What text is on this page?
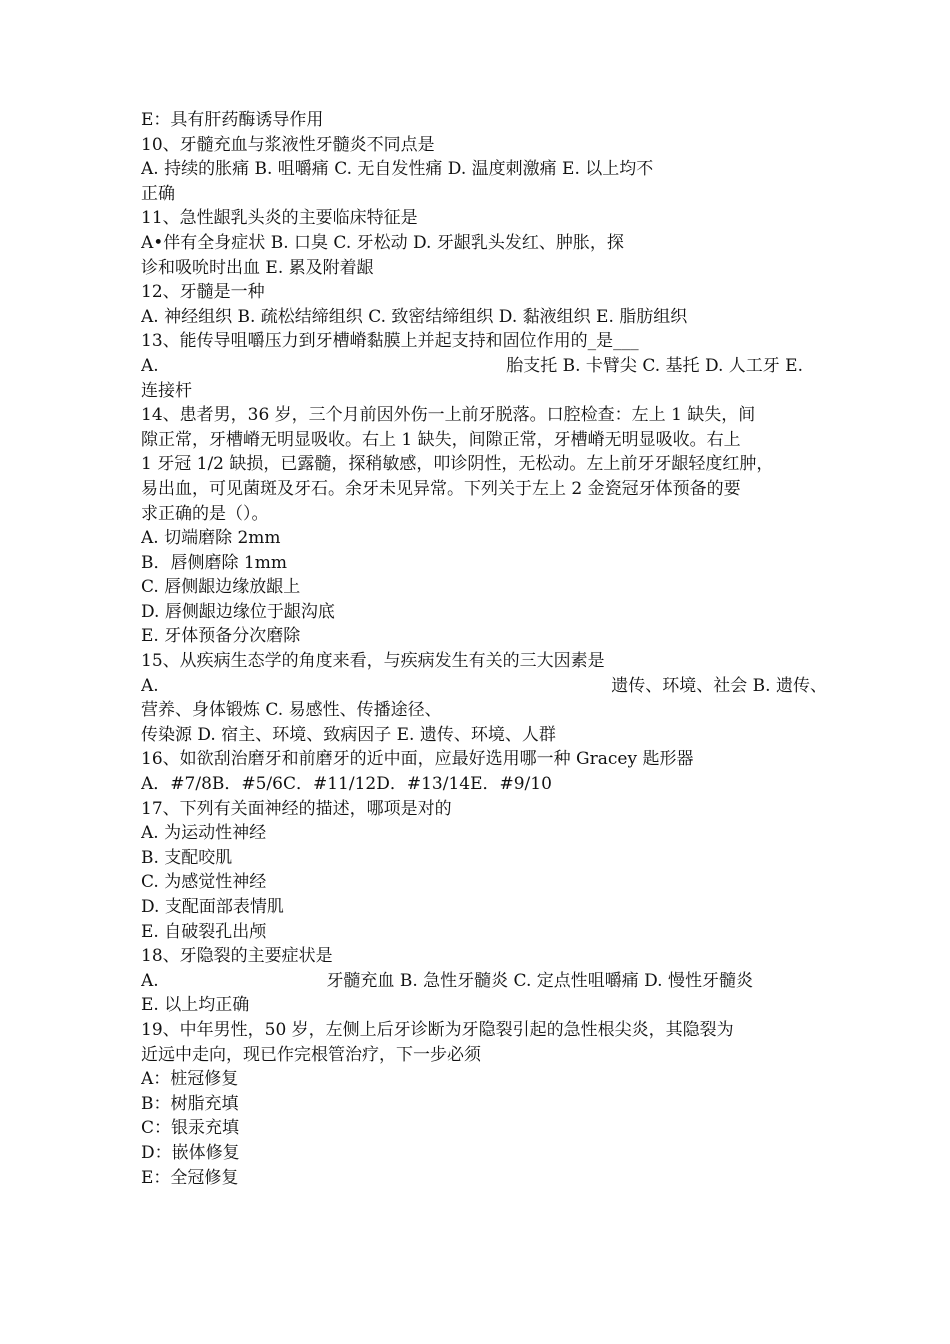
E：具有肝药酶诱导作用
10、牙髓充血与浆液性牙髓炎不同点是
A. 持续的胀痛 B. 咀嚼痛 C. 无自发性痛 D. 温度刺激痛 E. 以上均不
正确
11、急性龈乳头炎的主要临床特征是
A•伴有全身症状 B. 口臭 C. 牙松动 D. 牙龈乳头发红、肿胀，探
诊和吸吮时出血 E. 累及附着龈
12、牙髓是一种
A. 神经组织 B. 疏松结缔组织 C. 致密结缔组织 D. 黏液组织 E. 脂肪组织
13、能传导咀嚼压力到牙槽嵴黏膜上并起支持和固位作用的_是___
A.	胎支托 B. 卡臂尖 C. 基托 D. 人工牙 E.
连接杆
14、患者男，36 岁，三个月前因外伤一上前牙脱落。口腔检查：左上 1 缺失，间
隙正常，牙槽嵴无明显吸收。右上 1 缺失，间隙正常，牙槽嵴无明显吸收。右上
1 牙冠 1/2 缺损，已露髓，探稍敏感，叩诊阴性，无松动。左上前牙牙龈轻度红肿，
易出血，可见菌斑及牙石。余牙未见异常。下列关于左上 2 金瓷冠牙体预备的要
求正确的是（）。
A. 切端磨除 2mm
B．唇侧磨除 1mm
C. 唇侧龈边缘放龈上
D. 唇侧龈边缘位于龈沟底
E. 牙体预备分次磨除
15、从疾病生态学的角度来看，与疾病发生有关的三大因素是
A.	遗传、环境、社会 B. 遗传、
营养、身体锻炼 C. 易感性、传播途径、
传染源 D. 宿主、环境、致病因子 E. 遗传、环境、人群
16、如欲刮治磨牙和前磨牙的近中面，应最好选用哪一种 Gracey 匙形器
A．#7/8B．#5/6C．#11/12D．#13/14E．#9/10
17、下列有关面神经的描述，哪项是对的
A. 为运动性神经
B. 支配咬肌
C. 为感觉性神经
D. 支配面部表情肌
E. 自破裂孔出颅
18、牙隐裂的主要症状是
A.	牙髓充血 B. 急性牙髓炎 C. 定点性咀嚼痛 D. 慢性牙髓炎
E. 以上均正确
19、中年男性，50 岁，左侧上后牙诊断为牙隐裂引起的急性根尖炎，其隐裂为
近远中走向，现已作完根管治疗，下一步必须
A：桩冠修复
B：树脂充填
C：银汞充填
D：嵌体修复
E：全冠修复
